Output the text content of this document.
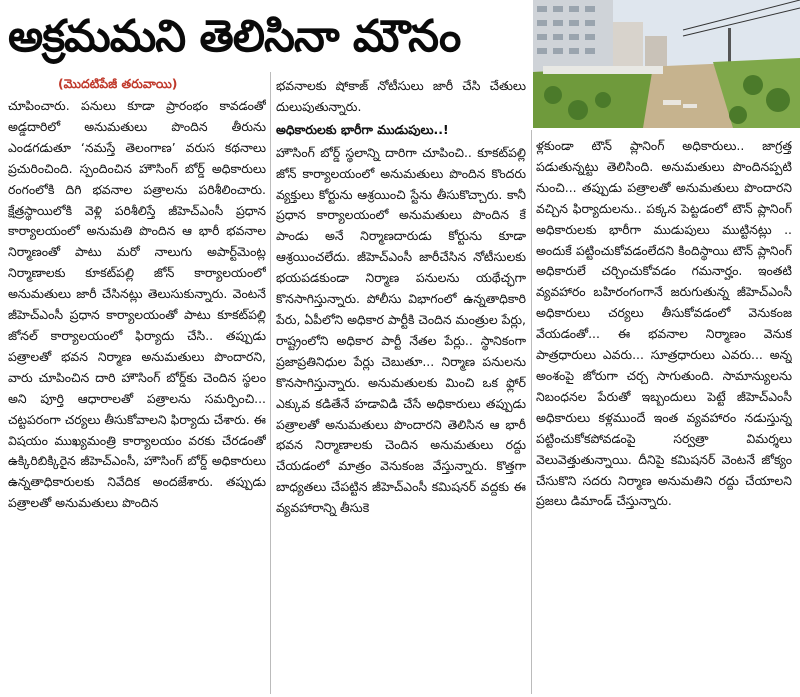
అక్రమమని తెలిసినా మౌనం
(మొదటిపేజీ తరువాయి)

చూపించారు. పనులు కూడా ప్రారంభం కావడంతో అడ్డదారిలో అనుమతులు పొందిన తీరును ఎండగడుతూ ‘నమస్తే తెలంగాణ’ వరుస కథనాలు ప్రచురించింది. స్పందించిన హౌసింగ్‌ బోర్డ్‌ అధికారులు రంగంలోకి దిగి భవనాల పత్రాలను పరిశీలించారు. క్షేత్రస్థాయిలోకి వెళ్లి పరిశీలిస్తే జీహెచ్‌ఎంసీ ప్రధాన కార్యాలయంలో అనుమతి పొందిన ఆ భారీ భవనాల నిర్మాణంతో పాటు మరో నాలుగు అపార్ట్‌మెంట్ల నిర్మాణాలకు కూకట్‌పల్లి జోన్‌ కార్యాలయంలో అనుమతులు జారీ చేసినట్లు తెలుసుకున్నారు. వెంటనే జీహెచ్‌ఎంసీ ప్రధాన కార్యాలయంతో పాటు కూకట్‌పల్లి జోనల్‌ కార్యాలయంలో ఫిర్యాదు చేసి.. తప్పుడు పత్రాలతో భవన నిర్మాణ అనుమతులు పొందారని, వారు చూపించిన దారి హౌసింగ్‌ బోర్డ్‌కు చెందిన స్థలం అని పూర్తి ఆధారాలతో పత్రాలను సమర్పించి... చట్టపరంగా చర్యలు తీసుకోవాలని ఫిర్యాదు చేశారు. ఈ విషయం ముఖ్యమంత్రి కార్యాలయం వరకు చేరడంతో ఉక్కిరిబిక్కిరైన జీహెచ్‌ఎంసీ, హౌసింగ్‌ బోర్డ్‌ అధికారులు ఉన్నతాధికారులకు నివేదిక అందజేశారు. తప్పుడు పత్రాలతో అనుమతులు పొందిన

భవనాలకు షోకాజ్‌ నోటీసులు జారీ చేసి చేతులు దులుపుతున్నారు.

అధికారులకు భారీగా ముడుపులు..!

హౌసింగ్‌ బోర్డ్‌ స్థలాన్ని దారిగా చూపించి.. కూకట్‌పల్లి జోన్‌ కార్యాలయంలో అనుమతులు పొందిన కొందరు వ్యక్తులు కోర్టును ఆశ్రయించి స్టేను తీసుకొచ్చారు. కానీ ప్రధాన కార్యాలయంలో అనుమతులు పొందిన కే పాండు అనే నిర్మాణదారుడు కోర్టును కూడా ఆశ్రయించలేదు. జీహెచ్‌ఎంసీ జారీచేసిన నోటీసులకు భయపడకుండా నిర్మాణ పనులను యథేచ్ఛగా కొనసాగిస్తున్నారు. పోలీసు విభాగంలో ఉన్నతాధికారి పేరు, ఏపీలోని అధికార పార్టీకి చెందిన మంత్రుల పేర్లు, రాష్ట్రంలోని అధికార పార్టీ నేతల పేర్లు.. స్థానికంగా ప్రజాప్రతినిధుల పేర్లు చెబుతూ... నిర్మాణ పనులను కొనసాగిస్తున్నారు. అనుమతులకు మించి ఒక ఫ్లోర్‌ ఎక్కువ కడితేనే హడావిడి చేసే అధికారులు తప్పుడు పత్రాలతో అనుమతులు పొందారని తెలిసిన ఆ భారీ భవన నిర్మాణాలకు చెందిన అనుమతులు రద్దు చేయడంలో మాత్రం వెనుకంజ వేస్తున్నారు. కొత్తగా బాధ్యతలు చేపట్టిన జీహెచ్‌ఎంసీ కమిషనర్‌ వద్దకు ఈ వ్యవహారాన్ని తీసుకె

ళ్లకుండా టౌన్‌ ప్లానింగ్‌ అధికారులు.. జాగ్రత్త పడుతున్నట్టు తెలిసింది. అనుమతులు పొందినప్పటి నుంచి... తప్పుడు పత్రాలతో అనుమతులు పొందారని వచ్చిన ఫిర్యాదులను.. పక్కన పెట్టడంలో టౌన్‌ ప్లానింగ్‌ అధికారులకు భారీగా ముడుపులు ముట్టినట్లు .. అందుకే పట్టించుకోవడంలేదని కిందిస్థాయి టౌన్‌ ప్లానింగ్‌ అధికారులే చర్చించుకోవడం గమనార్హం. ఇంతటి వ్యవహారం బహిరంగంగానే జరుగుతున్న జీహెచ్‌ఎంసీ అధికారులు చర్యలు తీసుకోవడంలో వెనుకంజ వేయడంతో... ఈ భవనాల నిర్మాణం వెనుక పాత్రధారులు ఎవరు... సూత్రధారులు ఎవరు... అన్న అంశంపై జోరుగా చర్చ సాగుతుంది. సామాన్యులను నిబంధనల పేరుతో ఇబ్బందులు పెట్టే జీహెచ్‌ఎంసీ అధికారులు కళ్లముందే ఇంత వ్యవహారం నడుస్తున్న పట్టించుకోకపోవడంపై సర్వత్రా విమర్శలు వెలువెత్తుతున్నాయి. దీనిపై కమిషనర్‌ వెంటనే జోక్యం చేసుకొని సదరు నిర్మాణ అనుమతిని రద్దు చేయాలని ప్రజలు డిమాండ్‌ చేస్తున్నారు.
